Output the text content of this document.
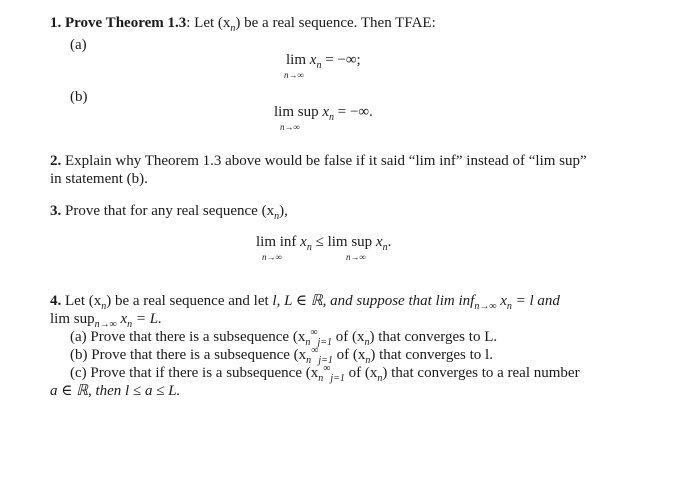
1. Prove Theorem 1.3: Let $(x_n)$ be a real sequence. Then TFAE:
(a)
$\lim x_n$ = −∞;
n→∞
(b)
lim sup $x_n$ = −∞.
n→∞
2. Explain why Theorem 1.3 above would be false if it said “lim inf” instead of “lim sup”
in statement (b).
3. Prove that for any real sequence $(x_n)$,
lim inf $x_n \le \lim$ sup $x_n$.
n→∞	n→∞
4. Let $(x_n)$ be a real sequence and let l, L ∈ ℝ, and suppose that lim inf$_{n\to\infty}$ $x_n = l$ and
lim sup$_{n\to\infty}$ $x_n = L$.
(a) Prove that there is a subsequence ($x_n^\infty_{j=1}$ of $(x_n)$ that converges to L.
(b) Prove that there is a subsequence ($x_n^\infty_{j=1}$ of $(x_n)$ that converges to l.
(c) Prove that if there is a subsequence ($x_n^\infty_{j=1}$ of $(x_n)$ that converges to a real number
a ∈ ℝ, then l ≤ a ≤ L.
